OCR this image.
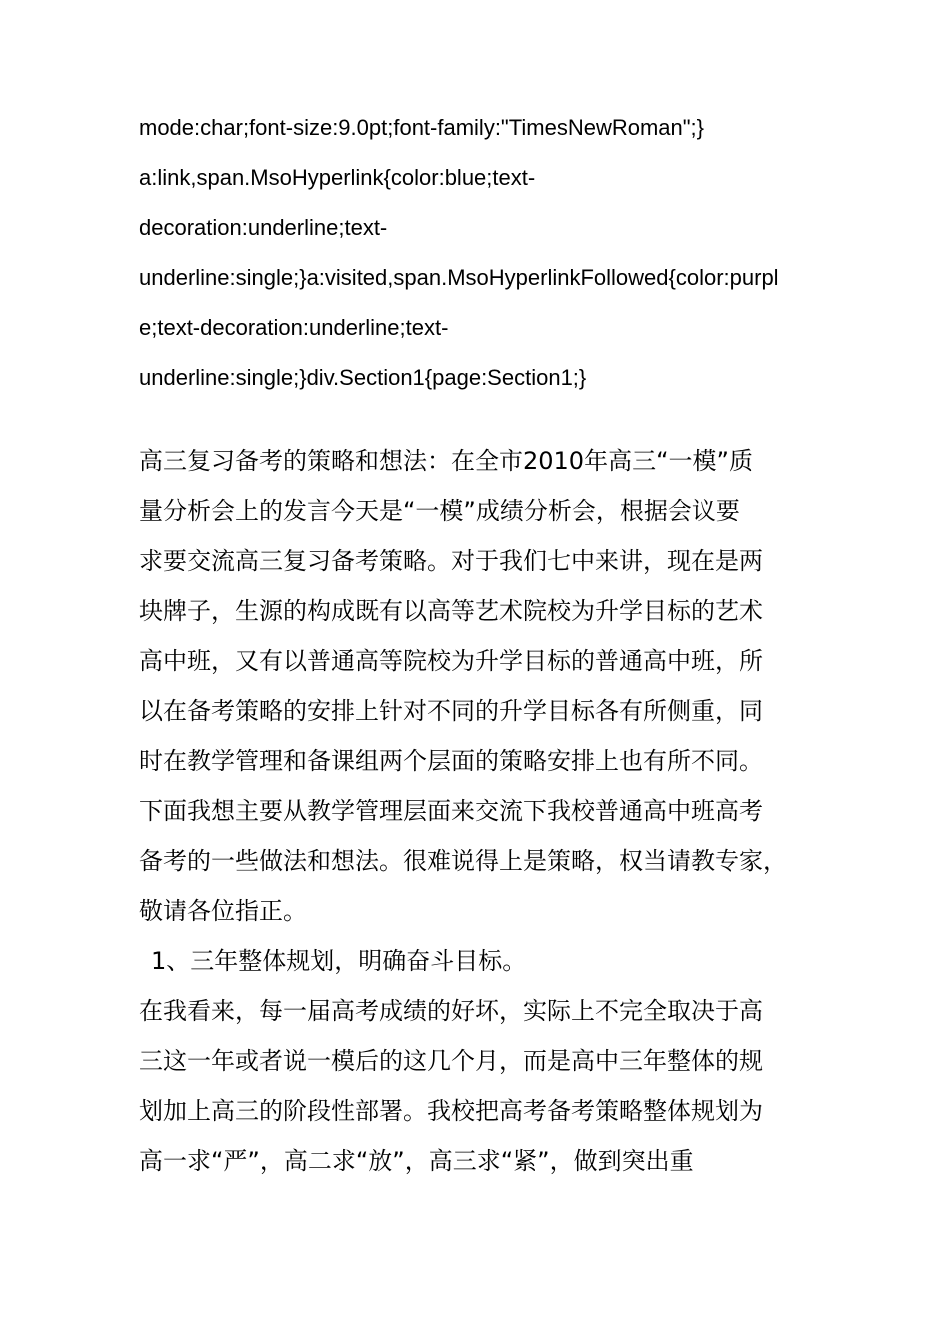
mode:char;font-size:9.0pt;font-family:"TimesNewRoman";}
a:link,span.MsoHyperlink{color:blue;text-
decoration:underline;text-
underline:single;}a:visited,span.MsoHyperlinkFollowed{color:purpl
e;text-decoration:underline;text-
underline:single;}div.Section1{page:Section1;}
高三复习备考的策略和想法：在全市2010年高三“一模”质
量分析会上的发言今天是“一模”成绩分析会，根据会议要
求要交流高三复习备考策略。对于我们七中来讲，现在是两
块牌子，生源的构成既有以高等艺术院校为升学目标的艺术
高中班，又有以普通高等院校为升学目标的普通高中班，所
以在备考策略的安排上针对不同的升学目标各有所侧重，同
时在教学管理和备课组两个层面的策略安排上也有所不同。
下面我想主要从教学管理层面来交流下我校普通高中班高考
备考的一些做法和想法。很难说得上是策略，权当请教专家，
敬请各位指正。
1、三年整体规划，明确奋斗目标。
在我看来，每一届高考成绩的好坏，实际上不完全取决于高
三这一年或者说一模后的这几个月，而是高中三年整体的规
划加上高三的阶段性部署。我校把高考备考策略整体规划为
高一求“严”，高二求“放”，高三求“紧”，做到突出重
